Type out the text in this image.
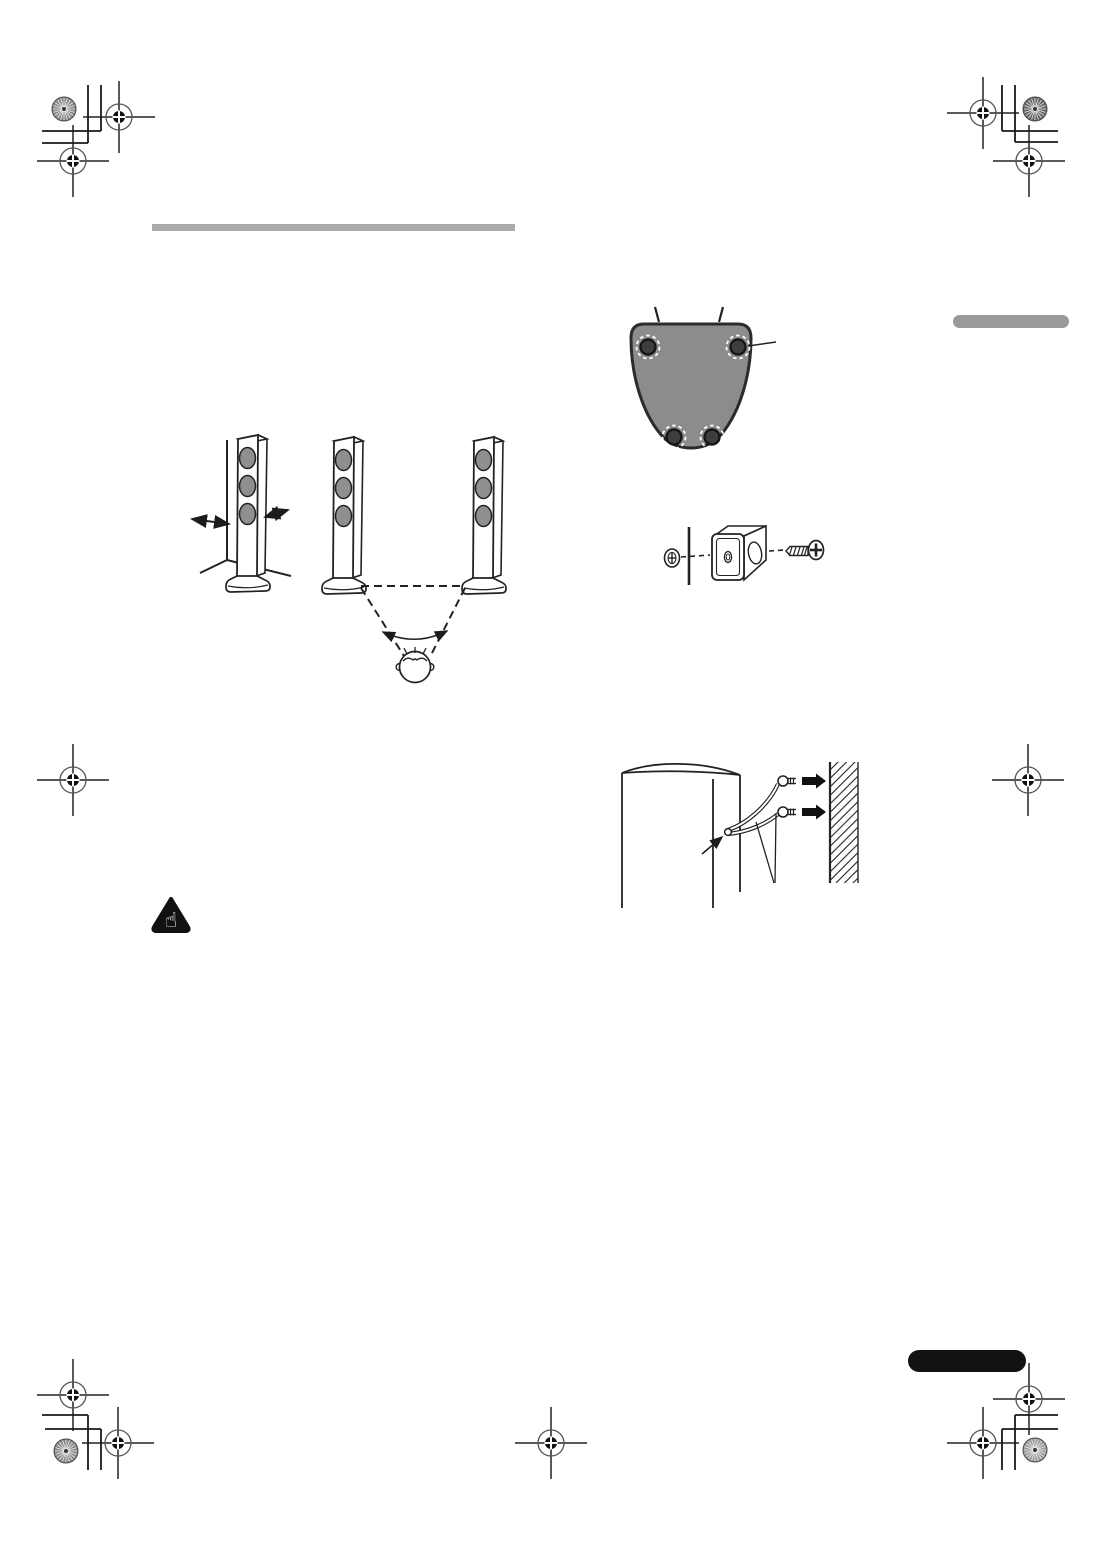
☝
